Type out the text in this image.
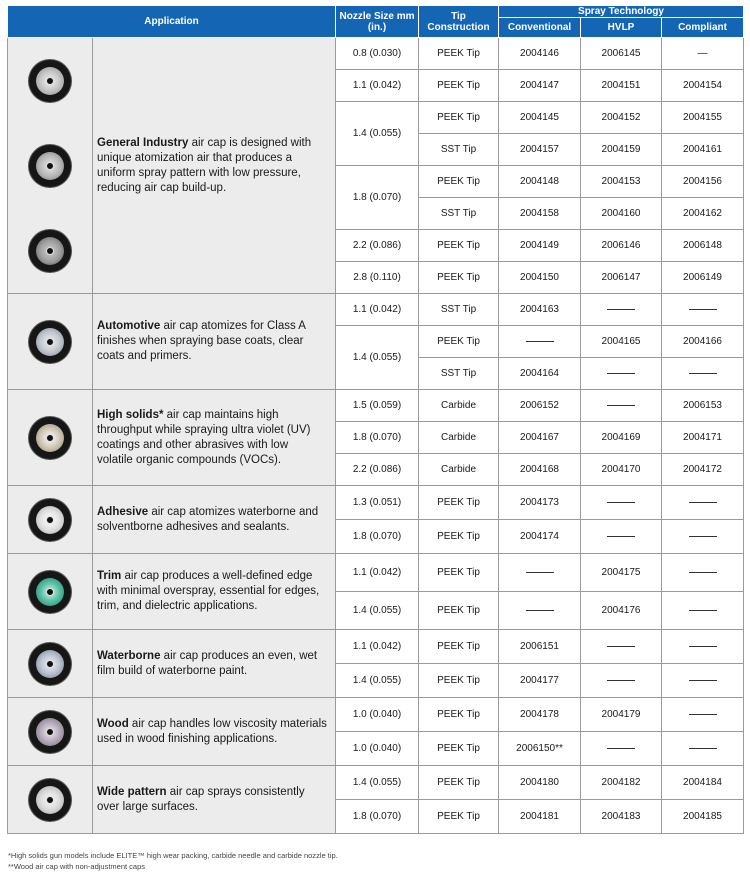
Application		Nozzle Size mm (in.)	Tip Construction	Spray Technology		
				Conventional	HVLP	Compliant

	General Industry air cap is designed with unique atomization air that produces a uniform spray pattern with low pressure, reducing air cap build-up.	0.8 (0.030)	PEEK Tip	2004146	2006145	—
		1.1 (0.042)	PEEK Tip	2004147	2004151	2004154
		1.4 (0.055)	PEEK Tip	2004145	2004152	2004155
			SST Tip	2004157	2004159	2004161
		1.8 (0.070)	PEEK Tip	2004148	2004153	2004156
			SST Tip	2004158	2004160	2004162
		2.2 (0.086)	PEEK Tip	2004149	2006146	2006148
		2.8 (0.110)	PEEK Tip	2004150	2006147	2006149

	Automotive air cap atomizes for Class A finishes when spraying base coats, clear coats and primers.	1.1 (0.042)	SST Tip	2004163		
		1.4 (0.055)	PEEK Tip		2004165	2004166
			SST Tip	2004164		

	High solids* air cap maintains high throughput while spraying ultra violet (UV) coatings and other abrasives with low volatile organic compounds (VOCs).	1.5 (0.059)	Carbide	2006152		2006153
		1.8 (0.070)	Carbide	2004167	2004169	2004171
		2.2 (0.086)	Carbide	2004168	2004170	2004172

	Adhesive air cap atomizes waterborne and solventborne adhesives and sealants.	1.3 (0.051)	PEEK Tip	2004173		
		1.8 (0.070)	PEEK Tip	2004174		

	Trim air cap produces a well-defined edge with minimal overspray, essential for edges, trim, and dielectric applications.	1.1 (0.042)	PEEK Tip		2004175	
		1.4 (0.055)	PEEK Tip		2004176	

	Waterborne air cap produces an even, wet film build of waterborne paint.	1.1 (0.042)	PEEK Tip	2006151		
		1.4 (0.055)	PEEK Tip	2004177		

	Wood air cap handles low viscosity materials used in wood finishing applications.	1.0 (0.040)	PEEK Tip	2004178	2004179	
		1.0 (0.040)	PEEK Tip	2006150**		

	Wide pattern air cap sprays consistently over large surfaces.	1.4 (0.055)	PEEK Tip	2004180	2004182	2004184
		1.8 (0.070)	PEEK Tip	2004181	2004183	2004185
*High solids gun models include ELITE™ high wear packing, carbide needle and carbide nozzle tip.
**Wood air cap with non-adjustment caps
